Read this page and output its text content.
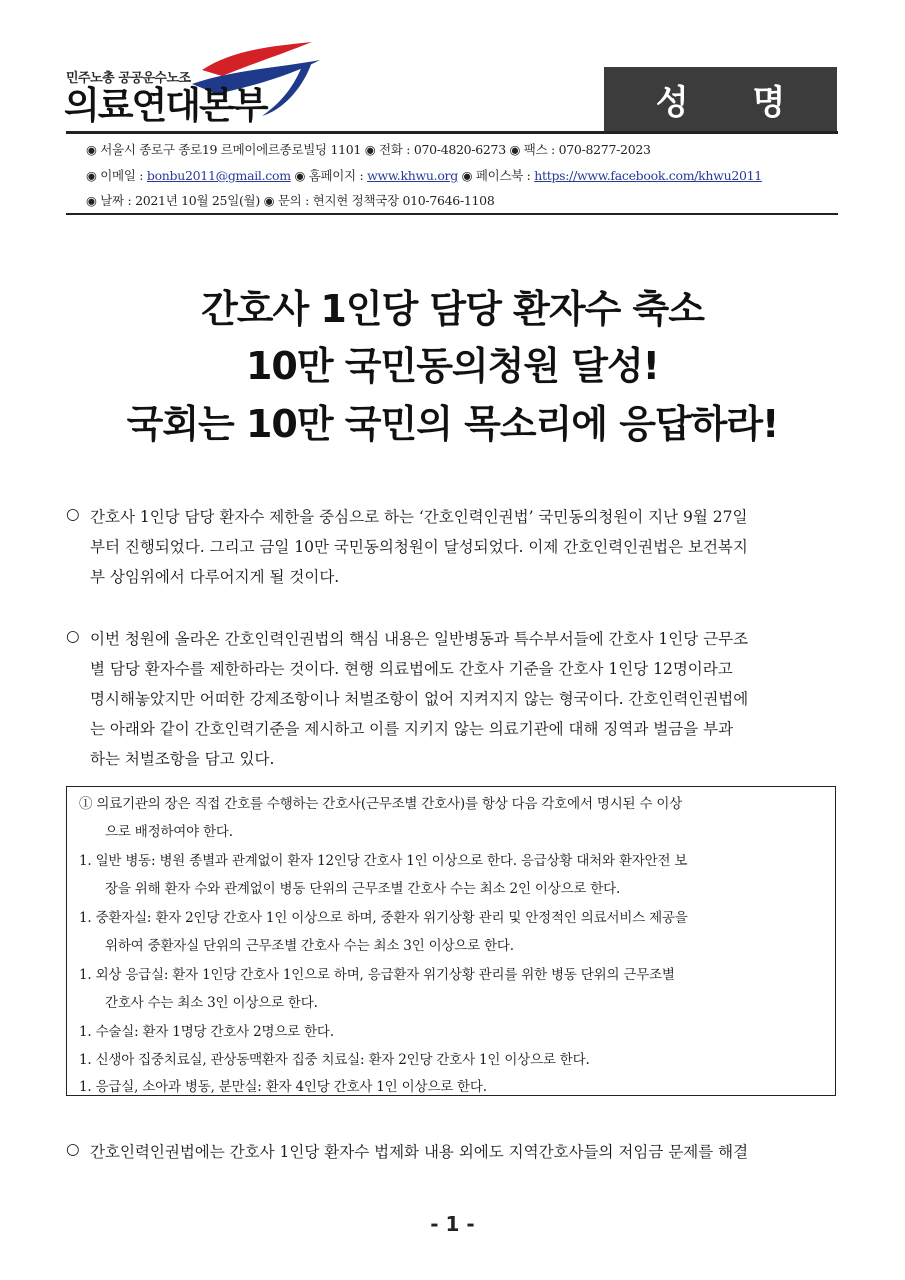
민주노총 공공운수노조
의료연대본부	성 명
◉ 서울시 종로구 종로19 르메이에르종로빌딩 1101 ◉ 전화 : 070-4820-6273 ◉ 팩스 : 070-8277-2023
◉ 이메일 : bonbu2011@gmail.com ◉ 홈페이지 : www.khwu.org ◉ 페이스북 : https://www.facebook.com/khwu2011
◉ 날짜 : 2021년 10월 25일(월) ◉ 문의 : 현지현 정책국장 010-7646-1108
간호사 1인당 담당 환자수 축소
10만 국민동의청원 달성!
국회는 10만 국민의 목소리에 응답하라!
○ 간호사 1인당 담당 환자수 제한을 중심으로 하는 ‘간호인력인권법’ 국민동의청원이 지난 9월 27일
부터 진행되었다. 그리고 금일 10만 국민동의청원이 달성되었다. 이제 간호인력인권법은 보건복지
부 상임위에서 다루어지게 될 것이다.
○ 이번 청원에 올라온 간호인력인권법의 핵심 내용은 일반병동과 특수부서들에 간호사 1인당 근무조
별 담당 환자수를 제한하라는 것이다. 현행 의료법에도 간호사 기준을 간호사 1인당 12명이라고
명시해놓았지만 어떠한 강제조항이나 처벌조항이 없어 지켜지지 않는 형국이다. 간호인력인권법에
는 아래와 같이 간호인력기준을 제시하고 이를 지키지 않는 의료기관에 대해 징역과 벌금을 부과
하는 처벌조항을 담고 있다.
① 의료기관의 장은 직접 간호를 수행하는 간호사(근무조별 간호사)를 항상 다음 각호에서 명시된 수 이상
으로 배정하여야 한다.
1. 일반 병동: 병원 종별과 관계없이 환자 12인당 간호사 1인 이상으로 한다. 응급상황 대처와 환자안전 보
장을 위해 환자 수와 관계없이 병동 단위의 근무조별 간호사 수는 최소 2인 이상으로 한다.
1. 중환자실: 환자 2인당 간호사 1인 이상으로 하며, 중환자 위기상황 관리 및 안정적인 의료서비스 제공을
위하여 중환자실 단위의 근무조별 간호사 수는 최소 3인 이상으로 한다.
1. 외상 응급실: 환자 1인당 간호사 1인으로 하며, 응급환자 위기상황 관리를 위한 병동 단위의 근무조별
간호사 수는 최소 3인 이상으로 한다.
1. 수술실: 환자 1명당 간호사 2명으로 한다.
1. 신생아 집중치료실, 관상동맥환자 집중 치료실: 환자 2인당 간호사 1인 이상으로 한다.
1. 응급실, 소아과 병동, 분만실: 환자 4인당 간호사 1인 이상으로 한다.
○ 간호인력인권법에는 간호사 1인당 환자수 법제화 내용 외에도 지역간호사들의 저임금 문제를 해결
- 1 -
